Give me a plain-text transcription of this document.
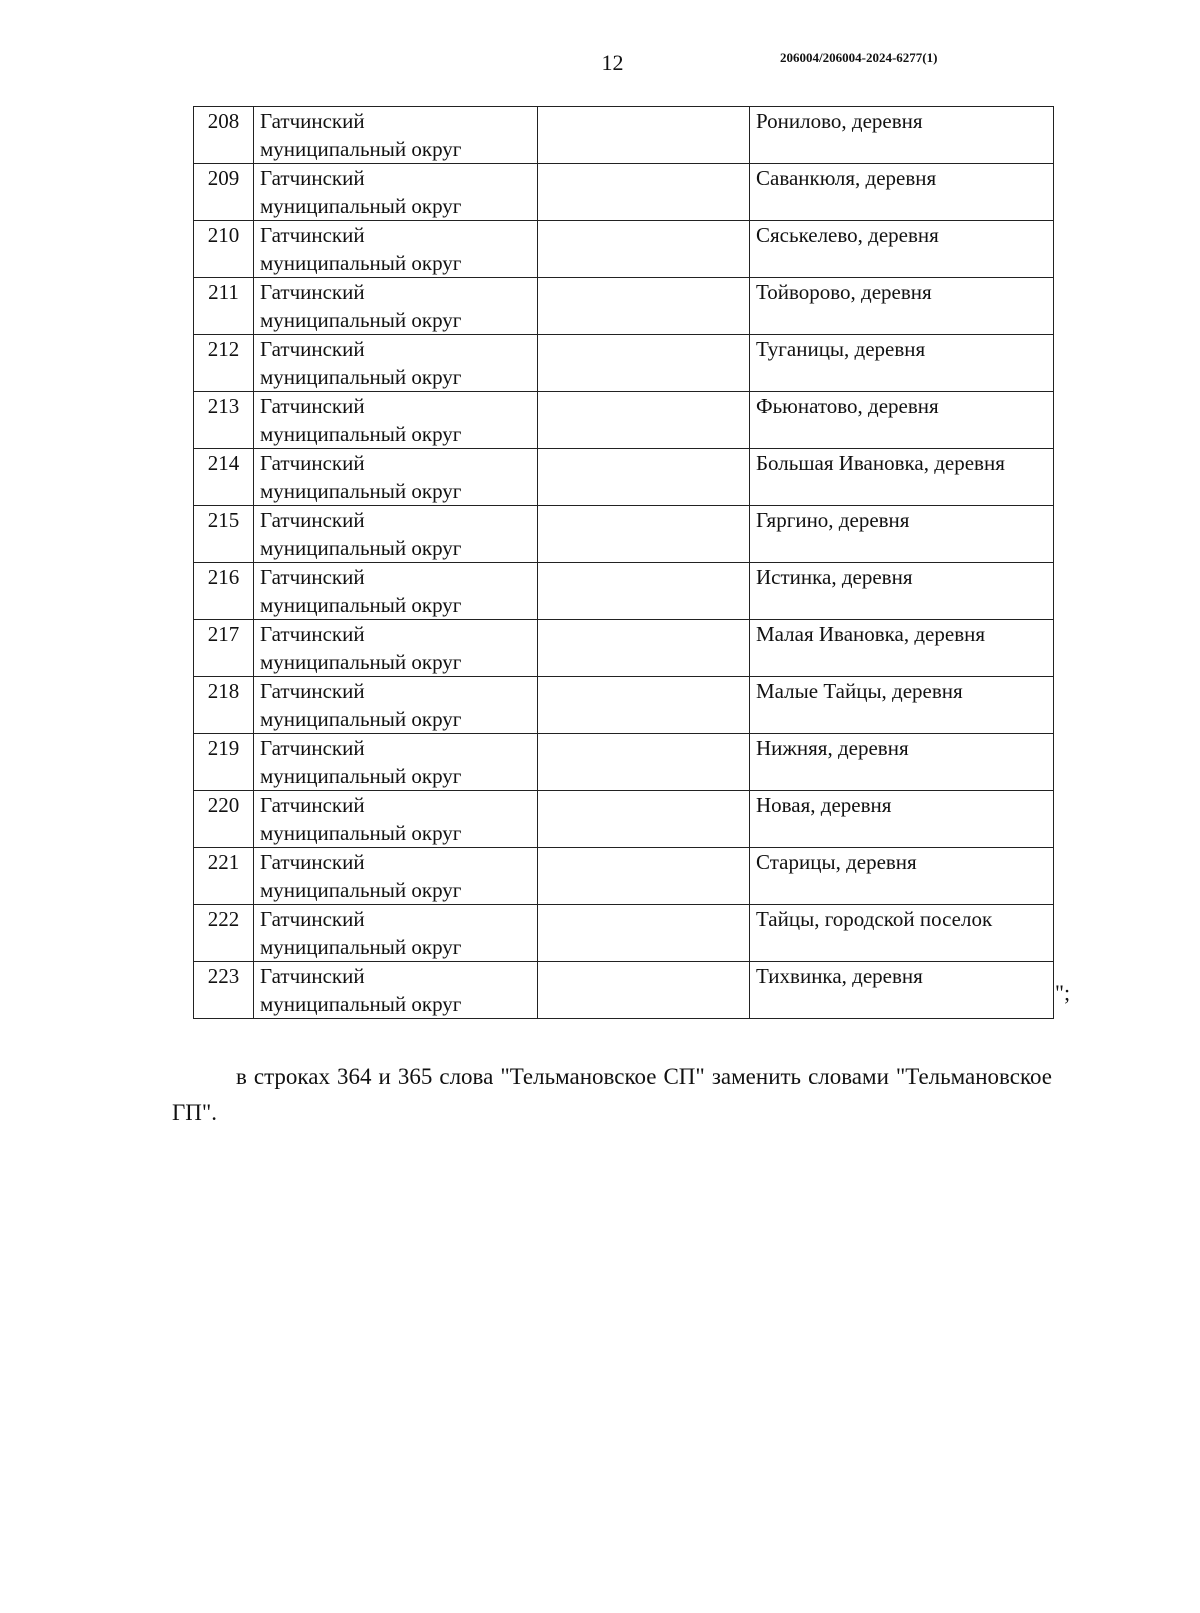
12	206004/206004-2024-6277(1)
208	Гатчинский
муниципальный округ		Ронилово, деревня
209	Гатчинский
муниципальный округ		Саванкюля, деревня
210	Гатчинский
муниципальный округ		Сяськелево, деревня
211	Гатчинский
муниципальный округ		Тойворово, деревня
212	Гатчинский
муниципальный округ		Туганицы, деревня
213	Гатчинский
муниципальный округ		Фьюнатово, деревня
214	Гатчинский
муниципальный округ		Большая Ивановка, деревня
215	Гатчинский
муниципальный округ		Гяргино, деревня
216	Гатчинский
муниципальный округ		Истинка, деревня
217	Гатчинский
муниципальный округ		Малая Ивановка, деревня
218	Гатчинский
муниципальный округ		Малые Тайцы, деревня
219	Гатчинский
муниципальный округ		Нижняя, деревня
220	Гатчинский
муниципальный округ		Новая, деревня
221	Гатчинский
муниципальный округ		Старицы, деревня
222	Гатчинский
муниципальный округ		Тайцы, городской поселок
223	Гатчинский
муниципальный округ		Тихвинка, деревня
";

в строках 364 и 365 слова "Тельмановское СП" заменить словами "Тельмановское ГП".
